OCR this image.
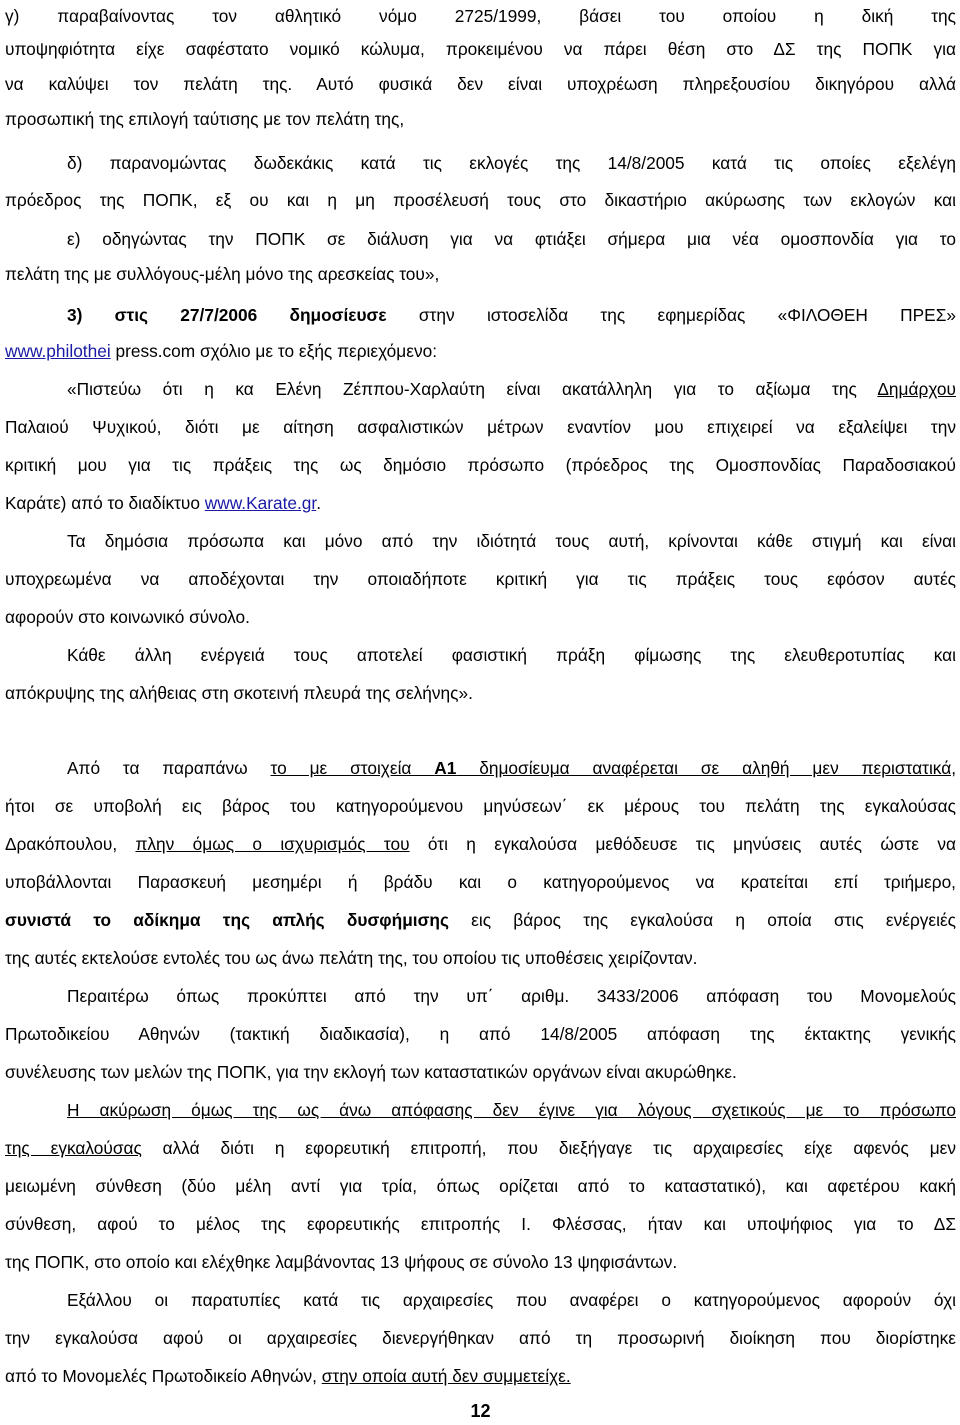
γ) παραβαίνοντας τον αθλητικό νόμο 2725/1999, βάσει του οποίου η δική της
υποψηφιότητα είχε σαφέστατο νομικό κώλυμα, προκειμένου να πάρει θέση στο ΔΣ της ΠΟΠΚ για
να καλύψει τον πελάτη της. Αυτό φυσικά δεν είναι υποχρέωση πληρεξουσίου δικηγόρου αλλά
προσωπική της επιλογή ταύτισης με τον πελάτη της,
δ) παρανομώντας δωδεκάκις κατά τις εκλογές της 14/8/2005 κατά τις οποίες εξελέγη
πρόεδρος της ΠΟΠΚ, εξ ου και η μη προσέλευσή τους στο δικαστήριο ακύρωσης των εκλογών και
ε) οδηγώντας την ΠΟΠΚ σε διάλυση για να φτιάξει σήμερα μια νέα ομοσπονδία για το
πελάτη της με συλλόγους-μέλη μόνο της αρεσκείας του»,
3) στις 27/7/2006 δημοσίευσε στην ιστοσελίδα της εφημερίδας «ΦΙΛΟΘΕΗ ΠΡΕΣ»
www.philothei press.com σχόλιο με το εξής περιεχόμενο:
«Πιστεύω ότι η κα Ελένη Ζέππου-Χαρλαύτη είναι ακατάλληλη για το αξίωμα της Δημάρχου
Παλαιού Ψυχικού, διότι με αίτηση ασφαλιστικών μέτρων εναντίον μου επιχειρεί να εξαλείψει την
κριτική μου για τις πράξεις της ως δημόσιο πρόσωπο (πρόεδρος της Ομοσπονδίας Παραδοσιακού
Καράτε) από το διαδίκτυο www.Karate.gr.
Τα δημόσια πρόσωπα και μόνο από την ιδιότητά τους αυτή, κρίνονται κάθε στιγμή και είναι
υποχρεωμένα να αποδέχονται την οποιαδήποτε κριτική για τις πράξεις τους εφόσον αυτές
αφορούν στο κοινωνικό σύνολο.
Κάθε άλλη ενέργειά τους αποτελεί φασιστική πράξη φίμωσης της ελευθεροτυπίας και
απόκρυψης της αλήθειας στη σκοτεινή πλευρά της σελήνης».
Από τα παραπάνω το με στοιχεία Α1 δημοσίευμα αναφέρεται σε αληθή μεν περιστατικά,
ήτοι σε υποβολή εις βάρος του κατηγορούμενου μηνύσεων΄ εκ μέρους του πελάτη της εγκαλούσας
Δρακόπουλου, πλην όμως ο ισχυρισμός του ότι η εγκαλούσα μεθόδευσε τις μηνύσεις αυτές ώστε να
υποβάλλονται Παρασκευή μεσημέρι ή βράδυ και ο κατηγορούμενος να κρατείται επί τριήμερο,
συνιστά το αδίκημα της απλής δυσφήμισης εις βάρος της εγκαλούσα η οποία στις ενέργειές
της αυτές εκτελούσε εντολές του ως άνω πελάτη της, του οποίου τις υποθέσεις χειρίζονταν.
Περαιτέρω όπως προκύπτει από την υπ΄ αριθμ. 3433/2006 απόφαση του Μονομελούς
Πρωτοδικείου Αθηνών (τακτική διαδικασία), η από 14/8/2005 απόφαση της έκτακτης γενικής
συνέλευσης των μελών της ΠΟΠΚ, για την εκλογή των καταστατικών οργάνων είναι ακυρώθηκε.
Η ακύρωση όμως της ως άνω απόφασης δεν έγινε για λόγους σχετικούς με το πρόσωπο
της εγκαλούσας αλλά διότι η εφορευτική επιτροπή, που διεξήγαγε τις αρχαιρεσίες είχε αφενός μεν
μειωμένη σύνθεση (δύο μέλη αντί για τρία, όπως ορίζεται από το καταστατικό), και αφετέρου κακή
σύνθεση, αφού το μέλος της εφορευτικής επιτροπής Ι. Φλέσσας, ήταν και υποψήφιος για το ΔΣ
της ΠΟΠΚ, στο οποίο και ελέχθηκε λαμβάνοντας 13 ψήφους σε σύνολο 13 ψηφισάντων.
Εξάλλου οι παρατυπίες κατά τις αρχαιρεσίες που αναφέρει ο κατηγορούμενος αφορούν όχι
την εγκαλούσα αφού οι αρχαιρεσίες διενεργήθηκαν από τη προσωρινή διοίκηση που διορίστηκε
από το Μονομελές Πρωτοδικείο Αθηνών, στην οποία αυτή δεν συμμετείχε.
12
